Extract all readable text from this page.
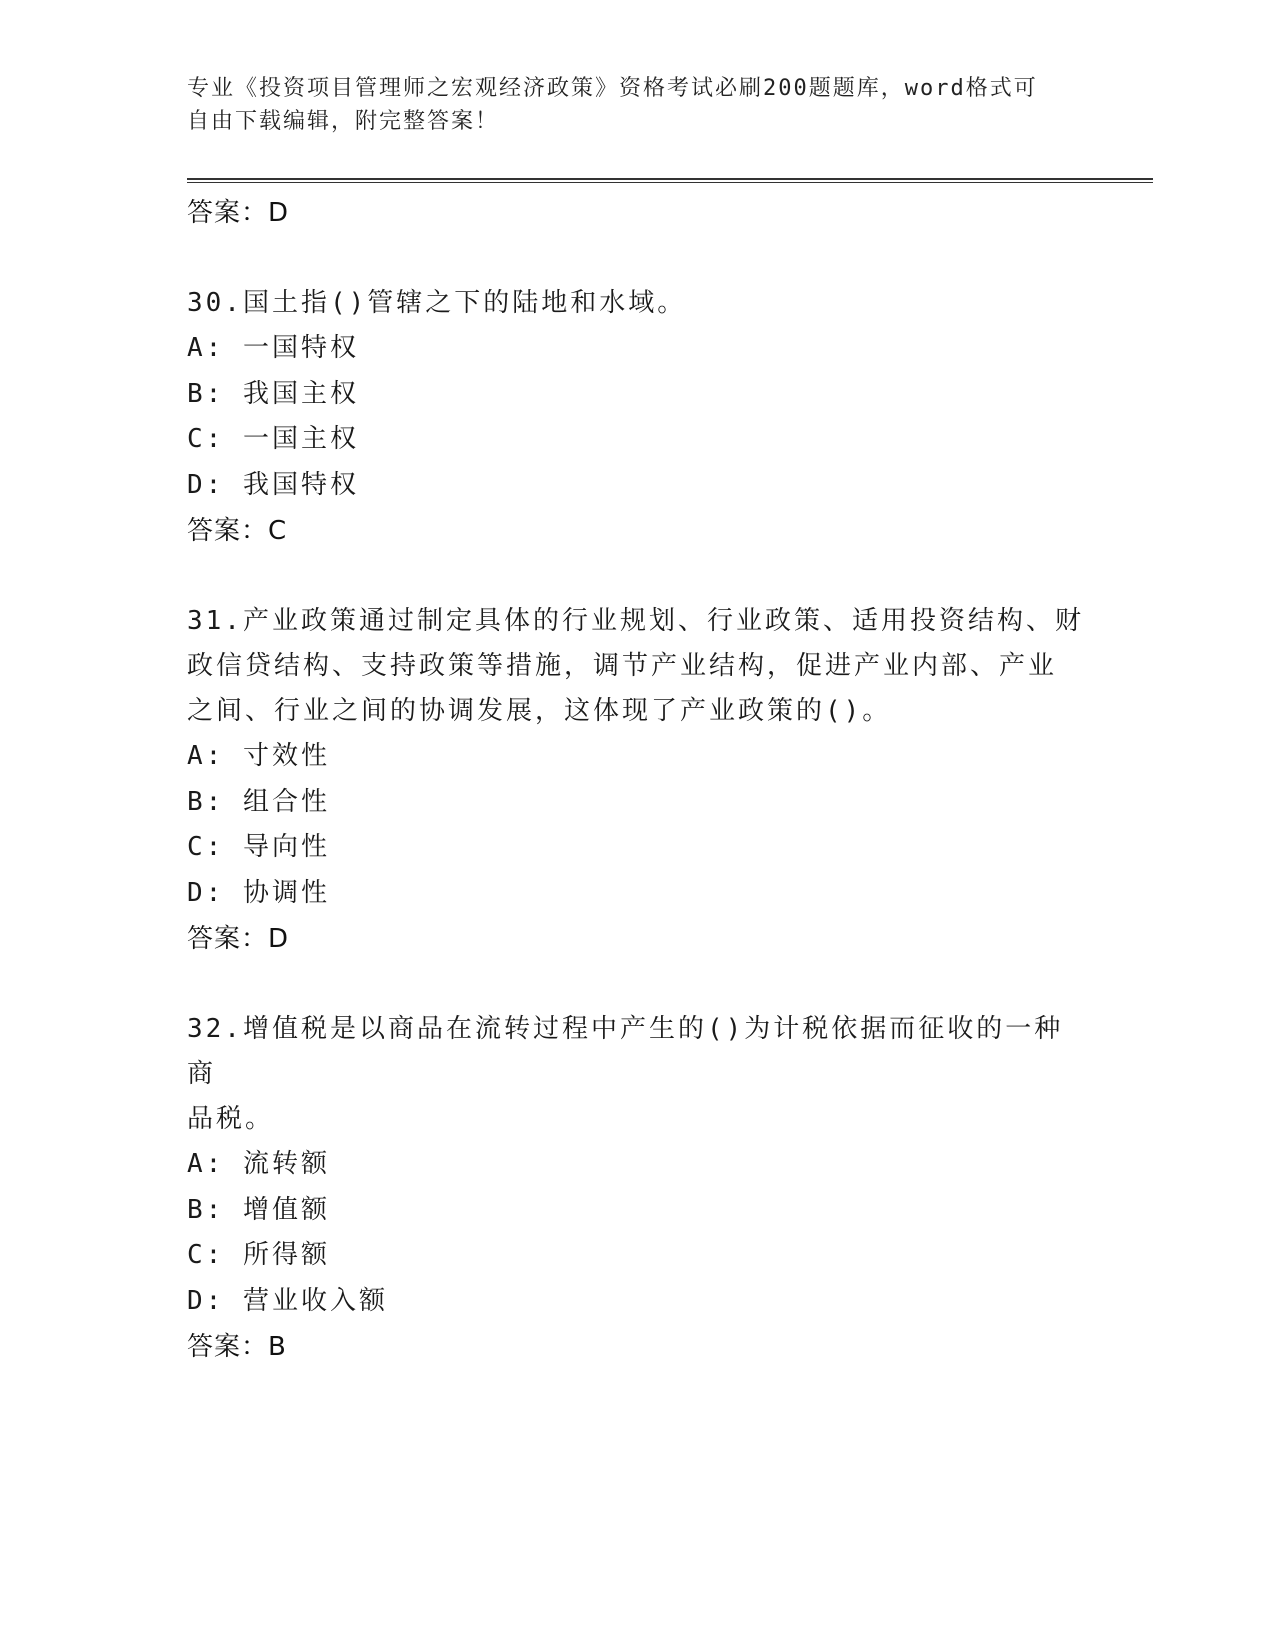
专业《投资项目管理师之宏观经济政策》资格考试必刷200题题库，word格式可
自由下载编辑，附完整答案！
答案：D
30.国土指()管辖之下的陆地和水域。
A: 一国特权
B: 我国主权
C: 一国主权
D: 我国特权
答案：C
31.产业政策通过制定具体的行业规划、行业政策、适用投资结构、财
政信贷结构、支持政策等措施，调节产业结构，促进产业内部、产业
之间、行业之间的协调发展，这体现了产业政策的()。
A: 寸效性
B: 组合性
C: 导向性
D: 协调性
答案：D
32.增值税是以商品在流转过程中产生的()为计税依据而征收的一种商
品税。
A: 流转额
B: 增值额
C: 所得额
D: 营业收入额
答案：B
